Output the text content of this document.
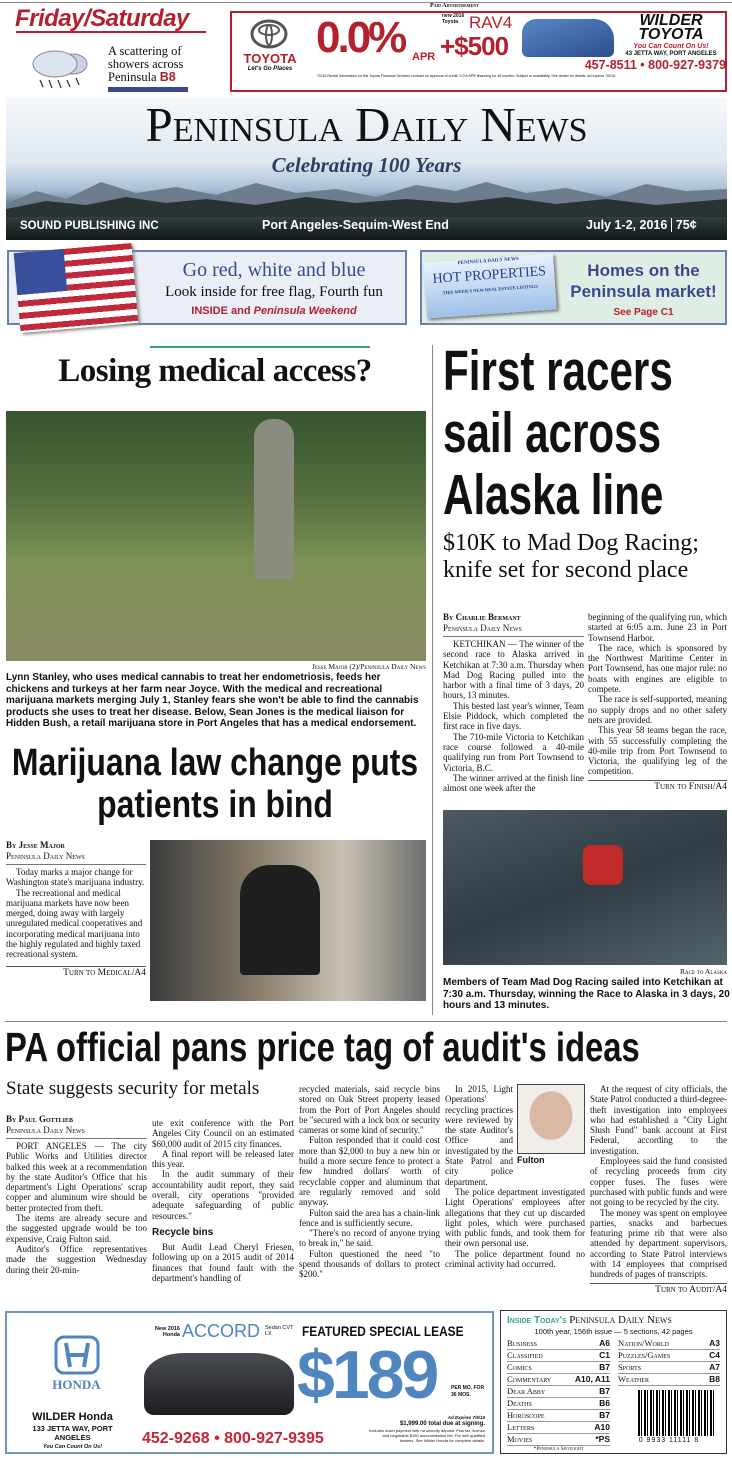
Friday/Saturday
A scattering of showers across Peninsula B8
Paid Advertisement
TOYOTA
Let's Go Places
0.0% APR +$500
new 2016 Toyota RAV4	WILDER TOYOTA
You Can Count On Us!
43 JETTA WAY, PORT ANGELES
457-8511 • 800-927-9379
*2016 Rental Information on this Toyota Financial Services contract on approval of credit. 0.0% APR financing for 36 months. Subject to availability. See dealer for details. Ad expires 7/5/16.
Peninsula Daily News
Celebrating 100 Years
SOUND PUBLISHING INC	Port Angeles-Sequim-West End	July 1-2, 2016 75¢
Go red, white and blue
Look inside for free flag, Fourth fun
INSIDE and Peninsula Weekend
PENINSULA DAILY NEWS
HOT PROPERTIES
THIS WEEK'S NEW REAL ESTATE LISTINGS
Homes on the Peninsula market!
See Page C1
Losing medical access?
Jesse Major (2)/Peninsula Daily News
Lynn Stanley, who uses medical cannabis to treat her endometriosis, feeds her chickens and turkeys at her farm near Joyce. With the medical and recreational marijuana markets merging July 1, Stanley fears she won't be able to find the cannabis products she uses to treat her disease. Below, Sean Jones is the medical liaison for Hidden Bush, a retail marijuana store in Port Angeles that has a medical endorsement.
Marijuana law change puts patients in bind
By Jesse Major
Peninsula Daily News

Today marks a major change for Washington state's marijuana industry.

The recreational and medical marijuana markets have now been merged, doing away with largely unregulated medical cooperatives and incorporating medical marijuana into the highly regulated and highly taxed recreational system.

Turn to Medical/A4
First racers sail across Alaska line
$10K to Mad Dog Racing; knife set for second place
By Charlie Bermant
Peninsula Daily News

KETCHIKAN — The winner of the second race to Alaska arrived in Ketchikan at 7:30 a.m. Thursday when Mad Dog Racing pulled into the harbor with a final time of 3 days, 20 hours, 13 minutes.

This bested last year's winner, Team Elsie Piddock, which completed the first race in five days.

The 710-mile Victoria to Ketchikan race course followed a 40-mile qualifying run from Port Townsend to Victoria, B.C.

The winner arrived at the finish line almost one week after the

beginning of the qualifying run, which started at 6:05 a.m. June 23 in Port Townsend Harbor.

The race, which is sponsored by the Northwest Maritime Center in Port Townsend, has one major rule: no boats with engines are eligible to compete.

The race is self-supported, meaning no supply drops and no other safety nets are provided.

This year 58 teams began the race, with 55 successfully completing the 40-mile trip from Port Townsend to Victoria, the qualifying leg of the competition.

Turn to Finish/A4
Race to Alaska
Members of Team Mad Dog Racing sailed into Ketchikan at 7:30 a.m. Thursday, winning the Race to Alaska in 3 days, 20 hours and 13 minutes.
PA official pans price tag of audit's ideas
State suggests security for metals
By Paul Gottlieb
Peninsula Daily News

PORT ANGELES — The city Public Works and Utilities director balked this week at a recommendation by the state Auditor's Office that his department's Light Operations' scrap copper and aluminum wire should be better protected from theft.

The items are already secure and the suggested upgrade would be too expensive, Craig Fulton said.

Auditor's Office representatives made the suggestion Wednesday during their 20-min-

ute exit conference with the Port Angeles City Council on an estimated $60,000 audit of 2015 city finances.

A final report will be released later this year.

In the audit summary of their accountability audit report, they said overall, city operations "provided adequate safeguarding of public resources."

Recycle bins

But Audit Lead Cheryl Friesen, following up on a 2015 audit of 2014 finances that found fault with the department's handling of

recycled materials, said recycle bins stored on Oak Street property leased from the Port of Port Angeles should be "secured with a lock box or security cameras or some kind of security."

Fulton responded that it could cost more than $2,000 to buy a new bin or build a more secure fence to protect a few hundred dollars' worth of recyclable copper and aluminum that are regularly removed and sold anyway.

Fulton said the area has a chain-link fence and is sufficiently secure.

"There's no record of anyone trying to break in," he said.

Fulton questioned the need "to spend thousands of dollars to protect $200."

Fulton

In 2015, Light Operations' recycling practices were reviewed by the state Auditor's Office and investigated by the State Patrol and city police department.

The police department investigated Light Operations' employees after allegations that they cut up discarded light poles, which were purchased with public funds, and took them for their own personal use.

The police department found no criminal activity had occurred.

At the request of city officials, the State Patrol conducted a third-degree-theft investigation into employees who had established a "City Light Slush Fund" bank account at First Federal, according to the investigation.

Employees said the fund consisted of recycling proceeds from city copper fuses. The fuses were purchased with public funds and were not going to be recycled by the city.

The money was spent on employee parties, snacks and barbecues featuring prime rib that were also attended by department supervisors, according to State Patrol interviews with 14 employees that comprised hundreds of pages of transcripts.

Turn to Audit/A4
HONDA
WILDER Honda
133 JETTA WAY, PORT ANGELES
You Can Count On Us!
New 2016 Honda ACCORD Sedan CVT LX	FEATURED SPECIAL LEASE
$189	PER MO. FOR 36 MOS.
452-9268 • 800-927-9395
Ad Expires 7/5/16
$1,999.00 total due at signing.
Includes down payment with no security deposit. Plus tax, license and negotiable $150 documentation fee. For well qualified lessees. See Wilder Honda for complete details.
Inside Today's Peninsula Daily News
100th year, 156th issue — 5 sections, 42 pages
Business	A6
Classified	C1
Comics	B7
Commentary	A10, A11
Dear Abby	B7
Deaths	B6
Horoscope	B7
Letters	A10
Movies	*PS
*Peninsula Spotlight
Nation/World	A3
Puzzles/Games	C4
Sports	A7
Weather	B8
0 9933 11111 8
